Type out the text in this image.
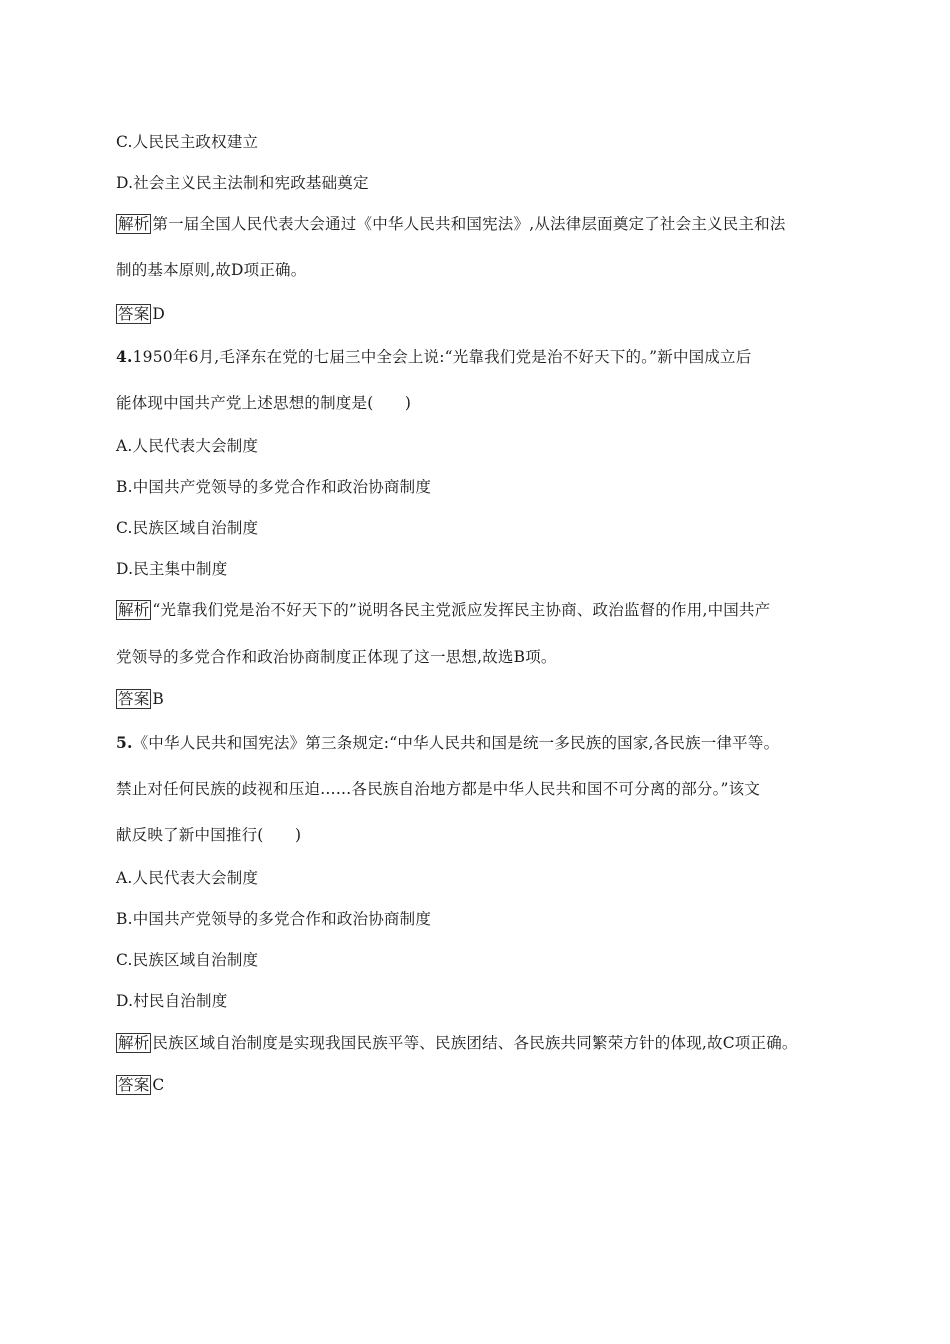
C.人民民主政权建立
D.社会主义民主法制和宪政基础奠定
解析 第一届全国人民代表大会通过《中华人民共和国宪法》,从法律层面奠定了社会主义民主和法
制的基本原则,故D项正确。
答案 D
4.1950年6月,毛泽东在党的七届三中全会上说:“光靠我们党是治不好天下的。”新中国成立后
能体现中国共产党上述思想的制度是(　　)
A.人民代表大会制度
B.中国共产党领导的多党合作和政治协商制度
C.民族区域自治制度
D.民主集中制度
解析 “光靠我们党是治不好天下的”说明各民主党派应发挥民主协商、政治监督的作用,中国共产
党领导的多党合作和政治协商制度正体现了这一思想,故选B项。
答案 B
5.《中华人民共和国宪法》第三条规定:“中华人民共和国是统一多民族的国家,各民族一律平等。
禁止对任何民族的歧视和压迫……各民族自治地方都是中华人民共和国不可分离的部分。”该文
献反映了新中国推行(　　)
A.人民代表大会制度
B.中国共产党领导的多党合作和政治协商制度
C.民族区域自治制度
D.村民自治制度
解析 民族区域自治制度是实现我国民族平等、民族团结、各民族共同繁荣方针的体现,故C项正确。
答案 C
